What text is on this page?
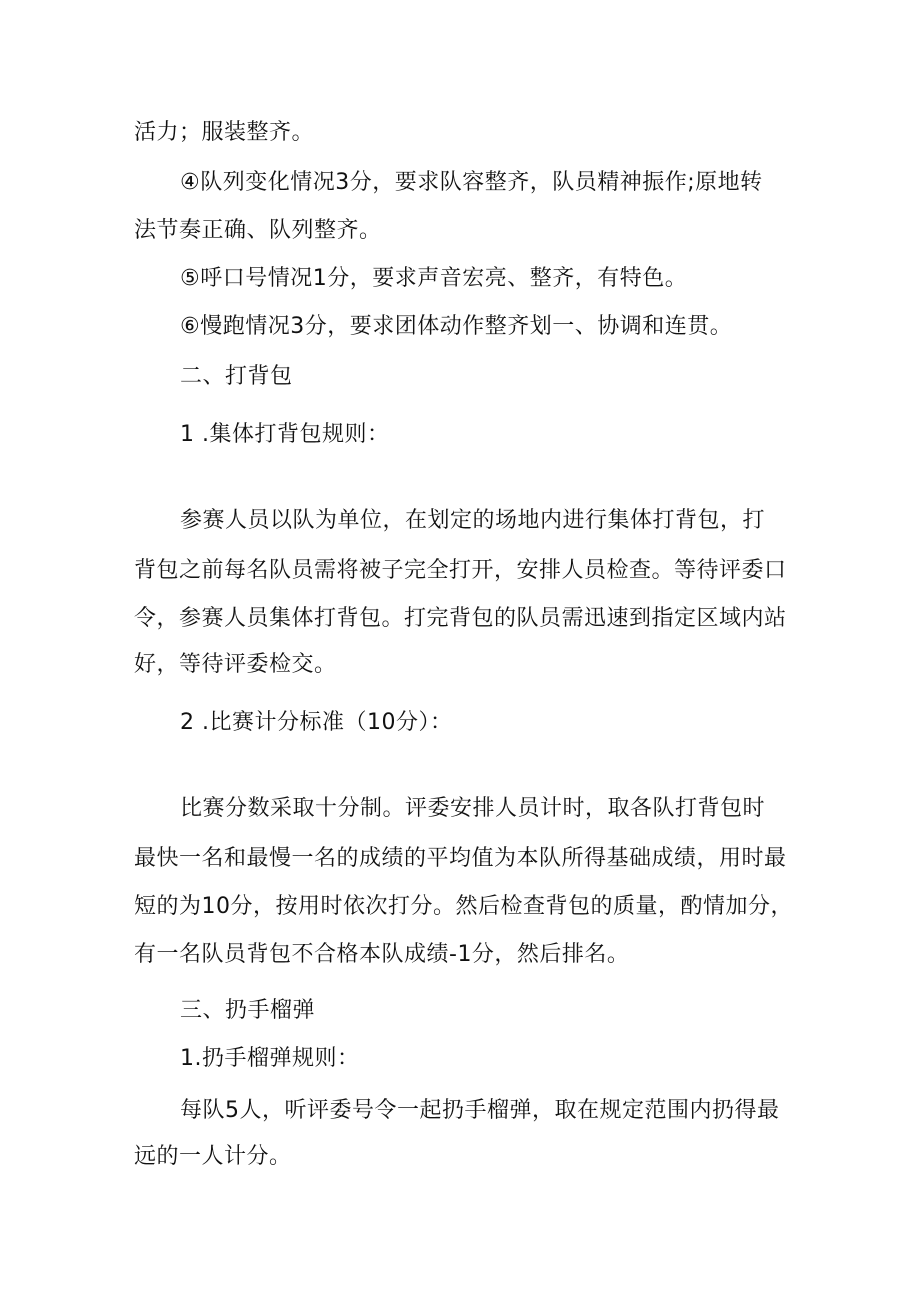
活力；服装整齐。
④队列变化情况3分，要求队容整齐，队员精神振作;原地转
法节奏正确、队列整齐。
⑤呼口号情况1分，要求声音宏亮、整齐，有特色。
⑥慢跑情况3分，要求团体动作整齐划一、协调和连贯。
二、打背包
1 .集体打背包规则：
参赛人员以队为单位，在划定的场地内进行集体打背包，打
背包之前每名队员需将被子完全打开，安排人员检查。等待评委口
令，参赛人员集体打背包。打完背包的队员需迅速到指定区域内站
好，等待评委检交。
2 .比赛计分标准（10分）：
比赛分数采取十分制。评委安排人员计时，取各队打背包时
最快一名和最慢一名的成绩的平均值为本队所得基础成绩，用时最
短的为10分，按用时依次打分。然后检查背包的质量，酌情加分，
有一名队员背包不合格本队成绩-1分，然后排名。
三、扔手榴弹
1.扔手榴弹规则：
每队5人，听评委号令一起扔手榴弹，取在规定范围内扔得最
远的一人计分。
